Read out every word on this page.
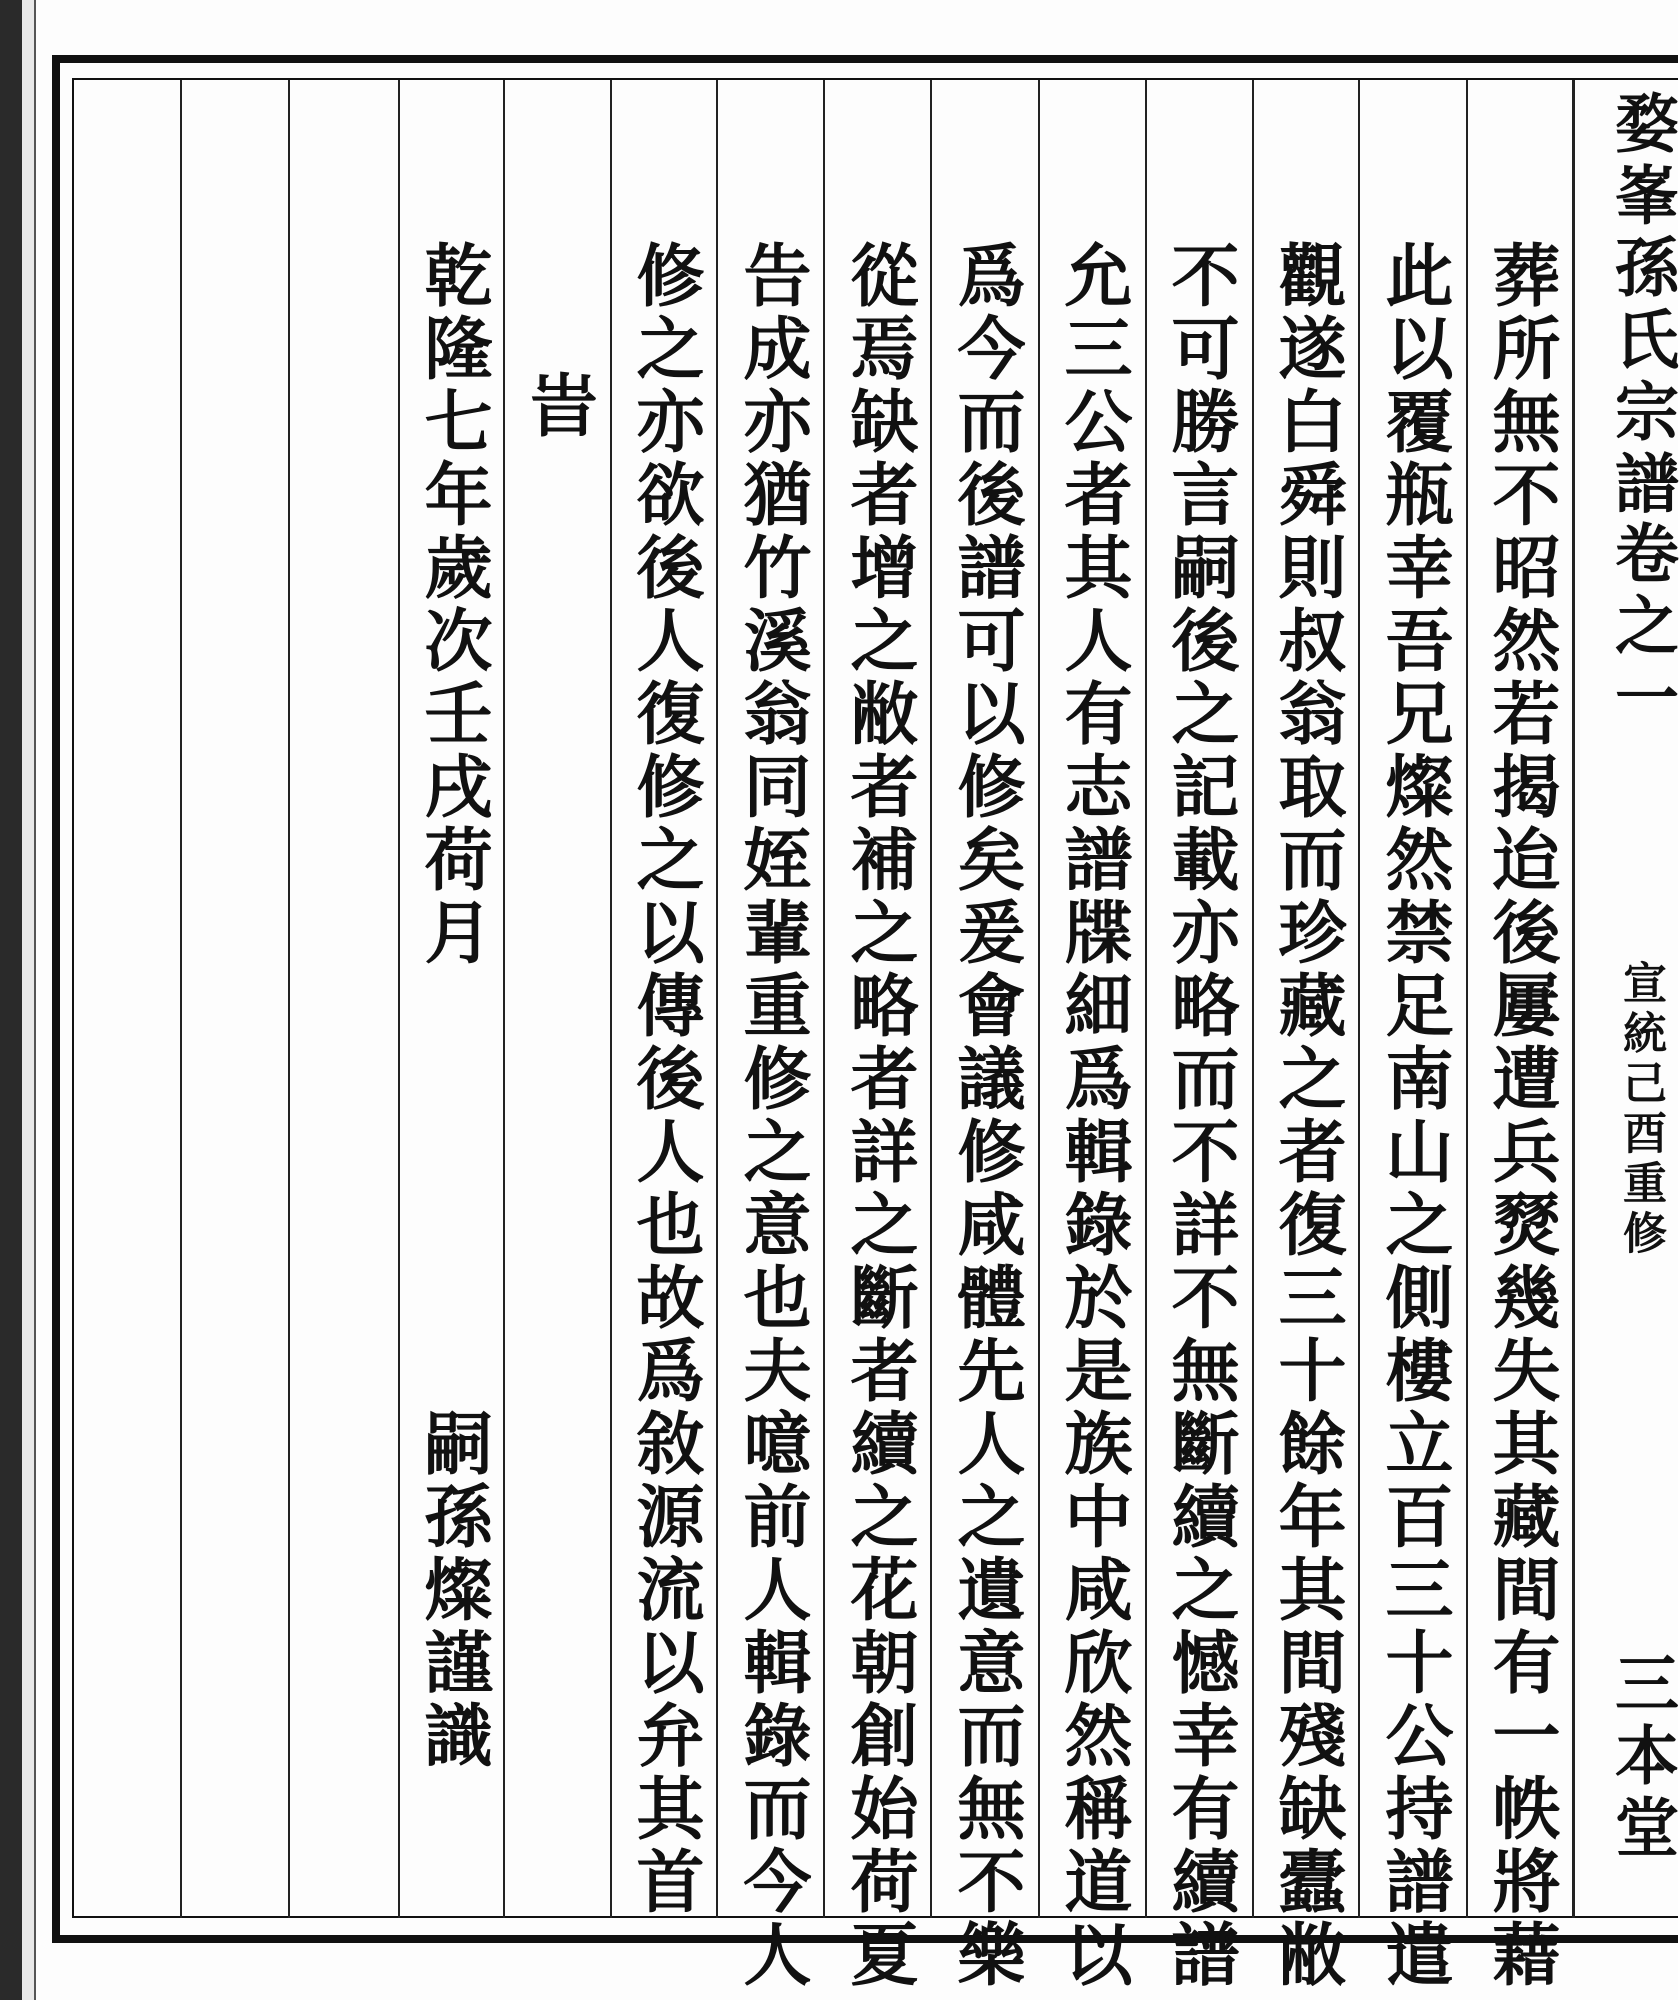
婺峯孫氏宗譜
卷之一
宣統己酉重修
三本堂
葬所無不昭然若揭迨後屢遭兵燹幾失其藏間有一帙將藉
此以覆瓶幸吾兄燦然禁足南山之側樓立百三十公持譜遣
觀遂白舜則叔翁取而珍藏之者復三十餘年其間殘缺蠹敝
不可勝言嗣後之記載亦略而不詳不無斷續之憾幸有續譜
允三公者其人有志譜牒細爲輯錄於是族中咸欣然稱道以
爲今而後譜可以修矣爰會議修咸體先人之遺意而無不樂
從焉缺者增之敝者補之略者詳之斷者續之花朝創始荷夏
告成亦猶竹溪翁同姪輩重修之意也夫噫前人輯錄而今人
修之亦欲後人復修之以傳後人也故爲敘源流以弁其首
旹
乾隆七年歲次壬戌荷月　　　　　　嗣孫燦謹識
